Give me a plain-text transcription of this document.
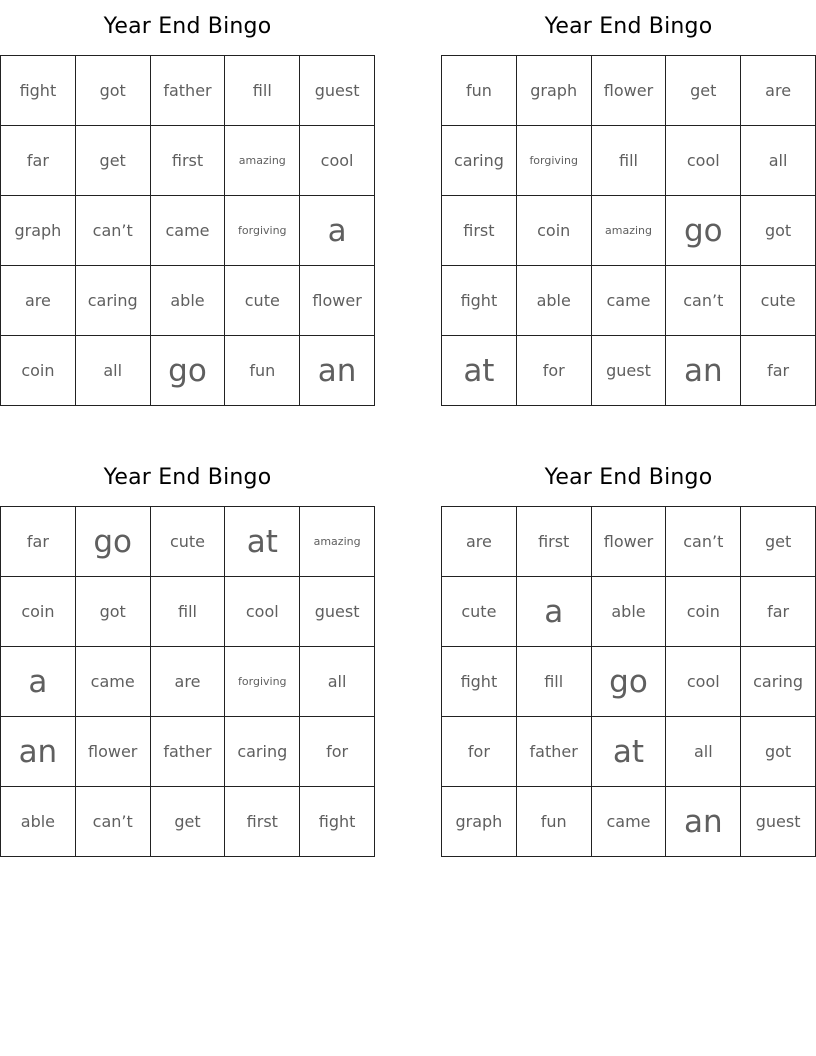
Year End Bingo
fight	got	father	fill	guest
far	get	first	amazing	cool
graph	can’t	came	forgiving	a
are	caring	able	cute	flower
coin	all	go	fun	an
Year End Bingo
fun	graph	flower	get	are
caring	forgiving	fill	cool	all
first	coin	amazing	go	got
fight	able	came	can’t	cute
at	for	guest	an	far
Year End Bingo
far	go	cute	at	amazing
coin	got	fill	cool	guest
a	came	are	forgiving	all
an	flower	father	caring	for
able	can’t	get	first	fight
Year End Bingo
are	first	flower	can’t	get
cute	a	able	coin	far
fight	fill	go	cool	caring
for	father	at	all	got
graph	fun	came	an	guest
